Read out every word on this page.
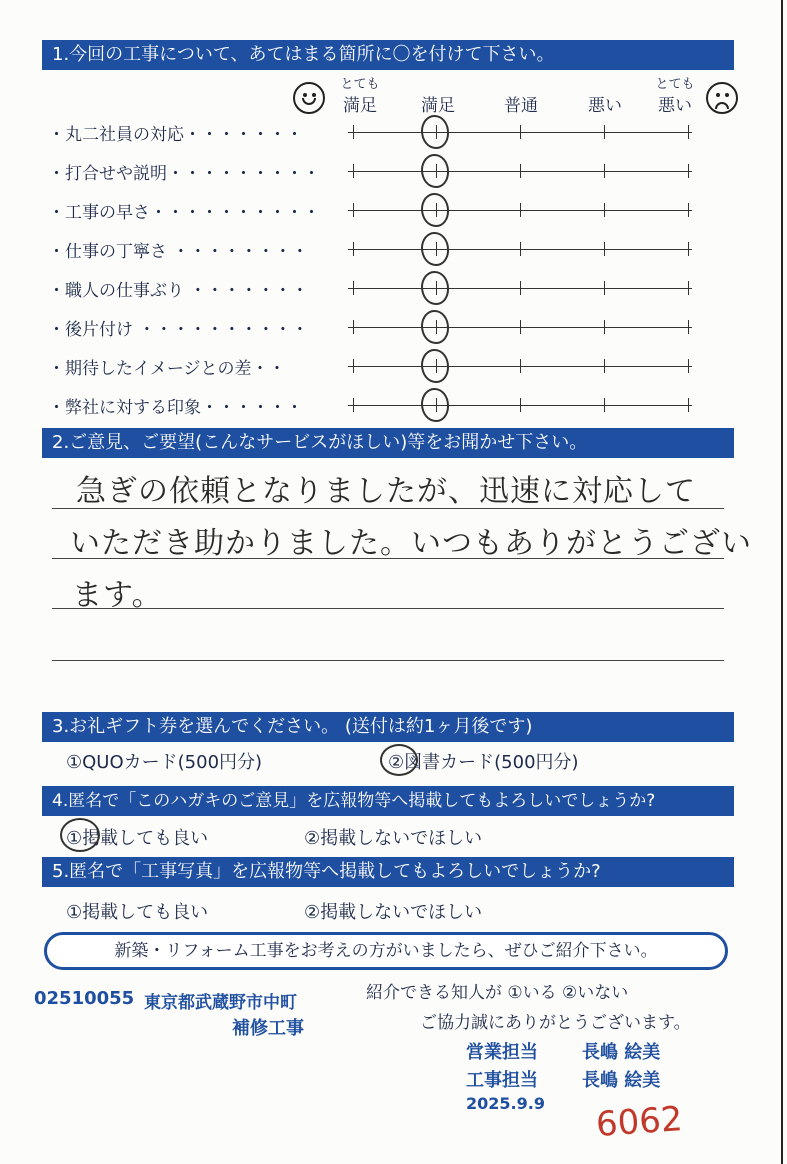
1.今回の工事について、あてはまる箇所に〇を付けて下さい。
とても
満足	満足	普通	悪い
とても
悪い
・丸二社員の対応・・・・・・・
・打合せや説明・・・・・・・・・
・工事の早さ・・・・・・・・・・
・仕事の丁寧さ ・・・・・・・・
・職人の仕事ぶり ・・・・・・・
・後片付け ・・・・・・・・・・
・期待したイメージとの差・・
・弊社に対する印象・・・・・・
2.ご意見、ご要望(こんなサービスがほしい)等をお聞かせ下さい。
急ぎの依頼となりましたが、迅速に対応して
いただき助かりました。いつもありがとうござい
ます。
3.お礼ギフト券を選んでください。 (送付は約1ヶ月後です)
①QUOカード(500円分)	②図書カード(500円分)
4.匿名で「このハガキのご意見」を広報物等へ掲載してもよろしいでしょうか?
①掲載しても良い	②掲載しないでほしい
5.匿名で「工事写真」を広報物等へ掲載してもよろしいでしょうか?
①掲載しても良い	②掲載しないでほしい
新築・リフォーム工事をお考えの方がいましたら、ぜひご紹介下さい。
紹介できる知人が ①いる ②いない
ご協力誠にありがとうございます。
02510055 東京都武蔵野市中町
補修工事
営業担当 長嶋 絵美
工事担当 長嶋 絵美
2025.9.9 6062
